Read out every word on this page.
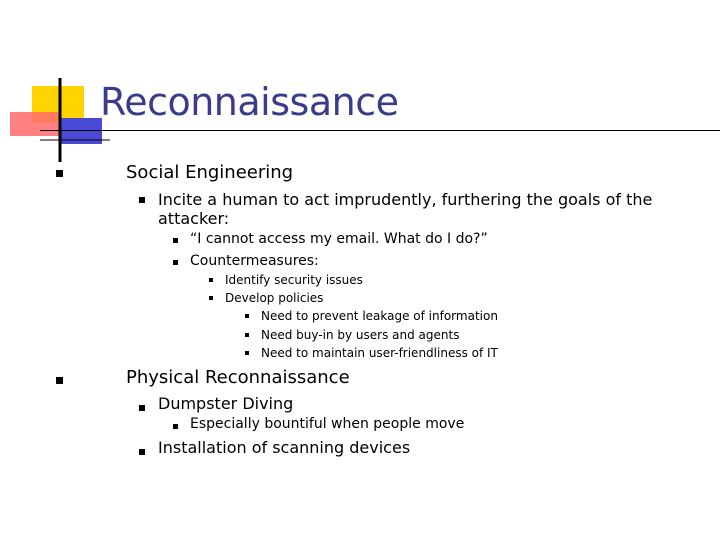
Reconnaissance
Social Engineering
Incite a human to act imprudently, furthering the goals of the attacker:
“I cannot access my email. What do I do?”
Countermeasures:
Identify security issues
Develop policies
Need to prevent leakage of information
Need buy-in by users and agents
Need to maintain user-friendliness of IT
Physical Reconnaissance
Dumpster Diving
Especially bountiful when people move
Installation of scanning devices
